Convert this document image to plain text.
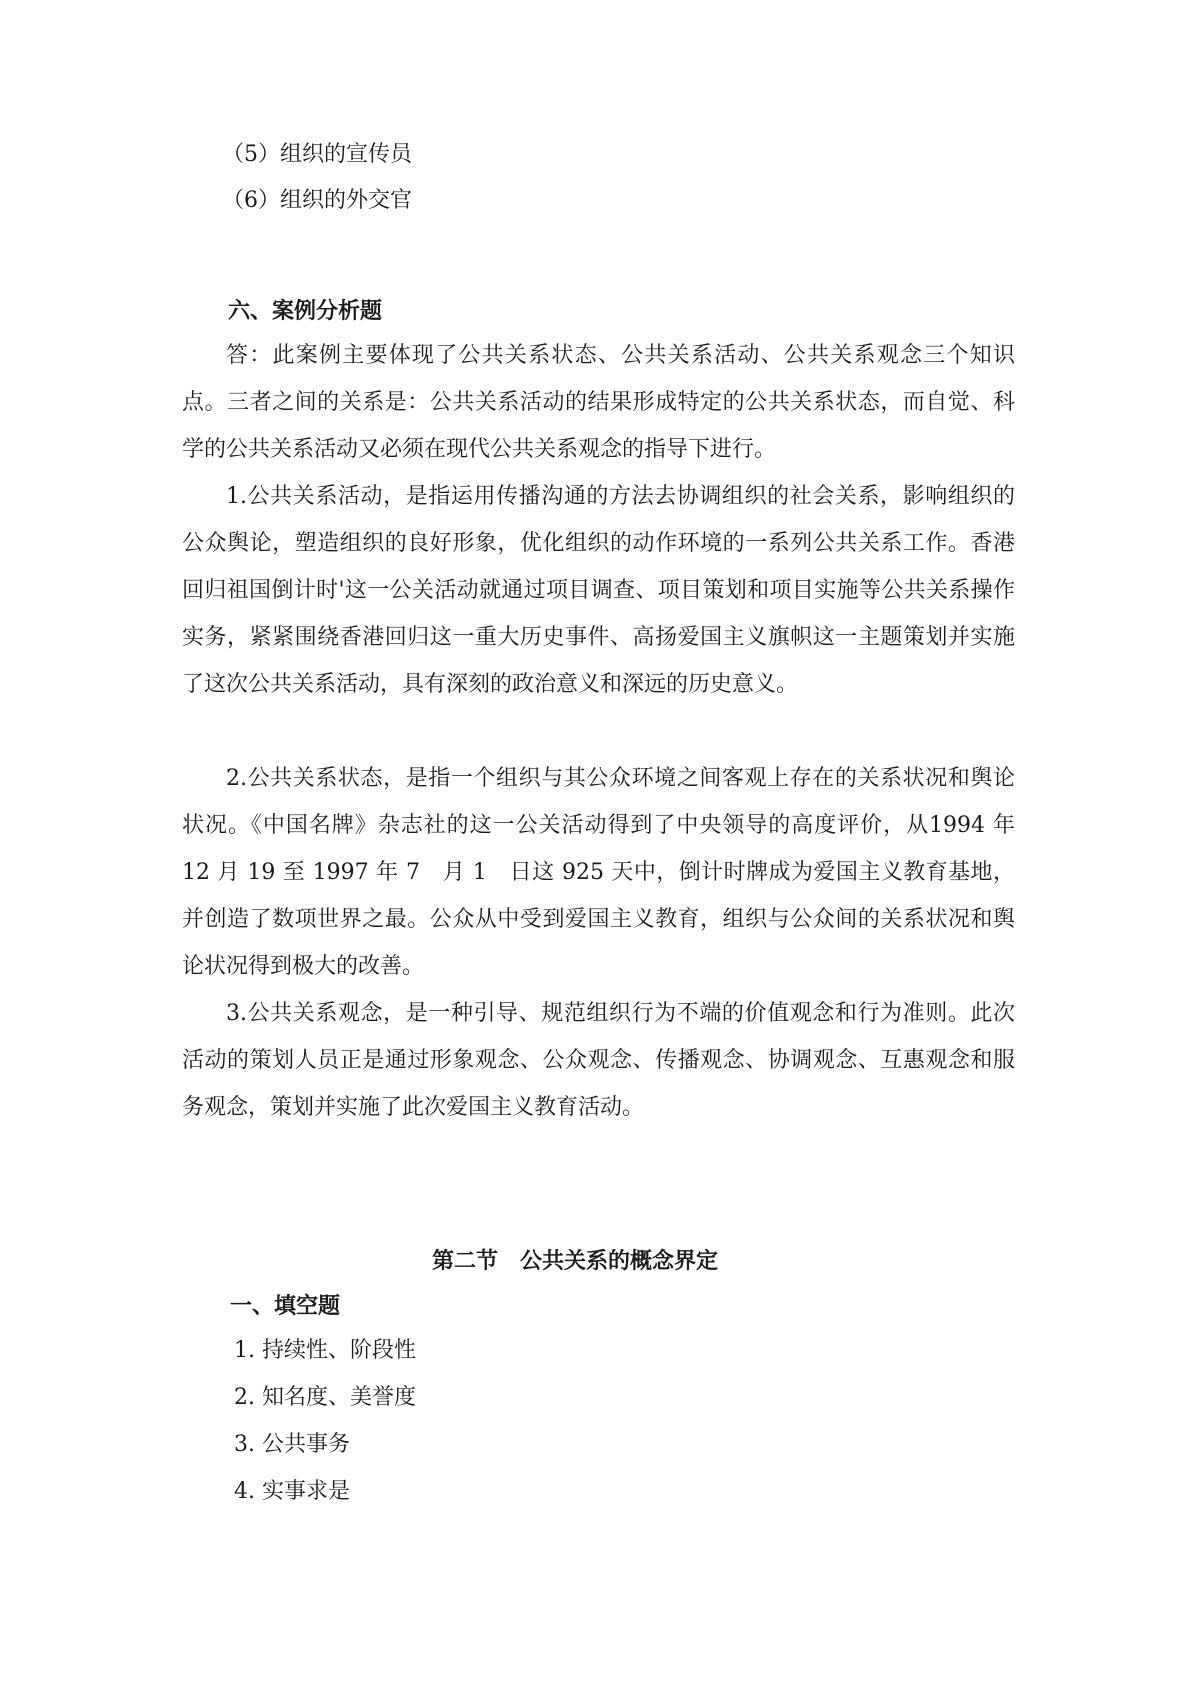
（5）组织的宣传员
（6）组织的外交官
六、案例分析题
答：此案例主要体现了公共关系状态、公共关系活动、公共关系观念三个知识点。三者之间的关系是：公共关系活动的结果形成特定的公共关系状态，而自觉、科学的公共关系活动又必须在现代公共关系观念的指导下进行。
1.公共关系活动，是指运用传播沟通的方法去协调组织的社会关系，影响组织的公众舆论，塑造组织的良好形象，优化组织的动作环境的一系列公共关系工作。香港回归祖国倒计时'这一公关活动就通过项目调查、项目策划和项目实施等公共关系操作实务，紧紧围绕香港回归这一重大历史事件、高扬爱国主义旗帜这一主题策划并实施了这次公共关系活动，具有深刻的政治意义和深远的历史意义。
2.公共关系状态，是指一个组织与其公众环境之间客观上存在的关系状况和舆论状况。《中国名牌》杂志社的这一公关活动得到了中央领导的高度评价，从1994 年 12 月 19 至 1997 年 7　月 1　日这 925 天中，倒计时牌成为爱国主义教育基地，并创造了数项世界之最。公众从中受到爱国主义教育，组织与公众间的关系状况和舆论状况得到极大的改善。
3.公共关系观念，是一种引导、规范组织行为不端的价值观念和行为准则。此次活动的策划人员正是通过形象观念、公众观念、传播观念、协调观念、互惠观念和服务观念，策划并实施了此次爱国主义教育活动。
第二节　公共关系的概念界定
一、填空题
1. 持续性、阶段性
2. 知名度、美誉度
3. 公共事务
4. 实事求是
